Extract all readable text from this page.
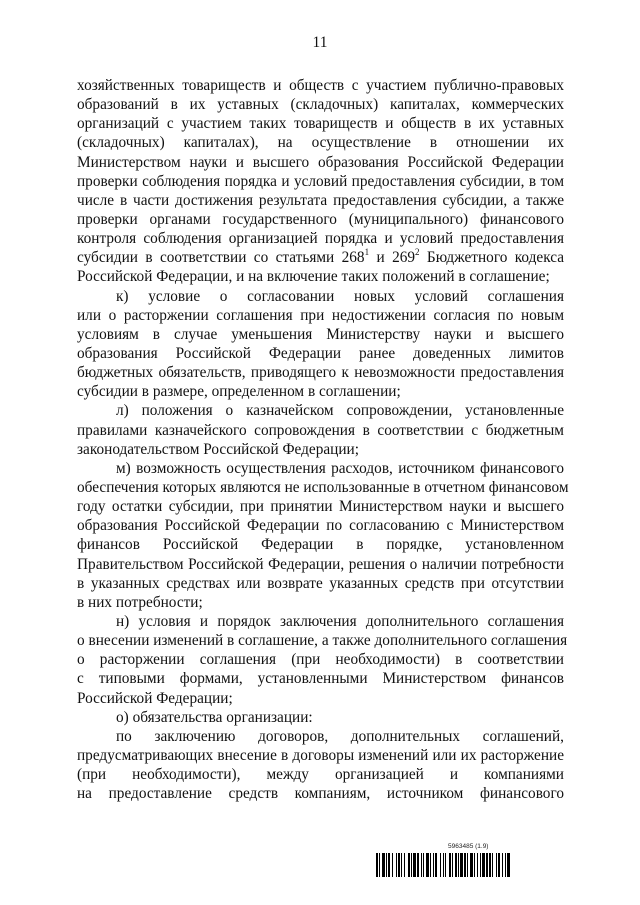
11
хозяйственных товариществ и обществ с участием публично-правовых
образований в их уставных (складочных) капиталах, коммерческих
организаций с участием таких товариществ и обществ в их уставных
(складочных) капиталах), на осуществление в отношении их
Министерством науки и высшего образования Российской Федерации
проверки соблюдения порядка и условий предоставления субсидии, в том
числе в части достижения результата предоставления субсидии, а также
проверки органами государственного (муниципального) финансового
контроля соблюдения организацией порядка и условий предоставления
субсидии в соответствии со статьями $268^1$ и $269^2$ Бюджетного кодекса
Российской Федерации, и на включение таких положений в соглашение;
к) условие о согласовании новых условий соглашения
или о расторжении соглашения при недостижении согласия по новым
условиям в случае уменьшения Министерству науки и высшего
образования Российской Федерации ранее доведенных лимитов
бюджетных обязательств, приводящего к невозможности предоставления
субсидии в размере, определенном в соглашении;
л) положения о казначейском сопровождении, установленные
правилами казначейского сопровождения в соответствии с бюджетным
законодательством Российской Федерации;
м) возможность осуществления расходов, источником финансового
обеспечения которых являются не использованные в отчетном финансовом
году остатки субсидии, при принятии Министерством науки и высшего
образования Российской Федерации по согласованию с Министерством
финансов Российской Федерации в порядке, установленном
Правительством Российской Федерации, решения о наличии потребности
в указанных средствах или возврате указанных средств при отсутствии
в них потребности;
н) условия и порядок заключения дополнительного соглашения
о внесении изменений в соглашение, а также дополнительного соглашения
о расторжении соглашения (при необходимости) в соответствии
с типовыми формами, установленными Министерством финансов
Российской Федерации;
о) обязательства организации:
по заключению договоров, дополнительных соглашений,
предусматривающих внесение в договоры изменений или их расторжение
(при необходимости), между организацией и компаниями
на предоставление средств компаниям, источником финансового
5963485 (1.9)
